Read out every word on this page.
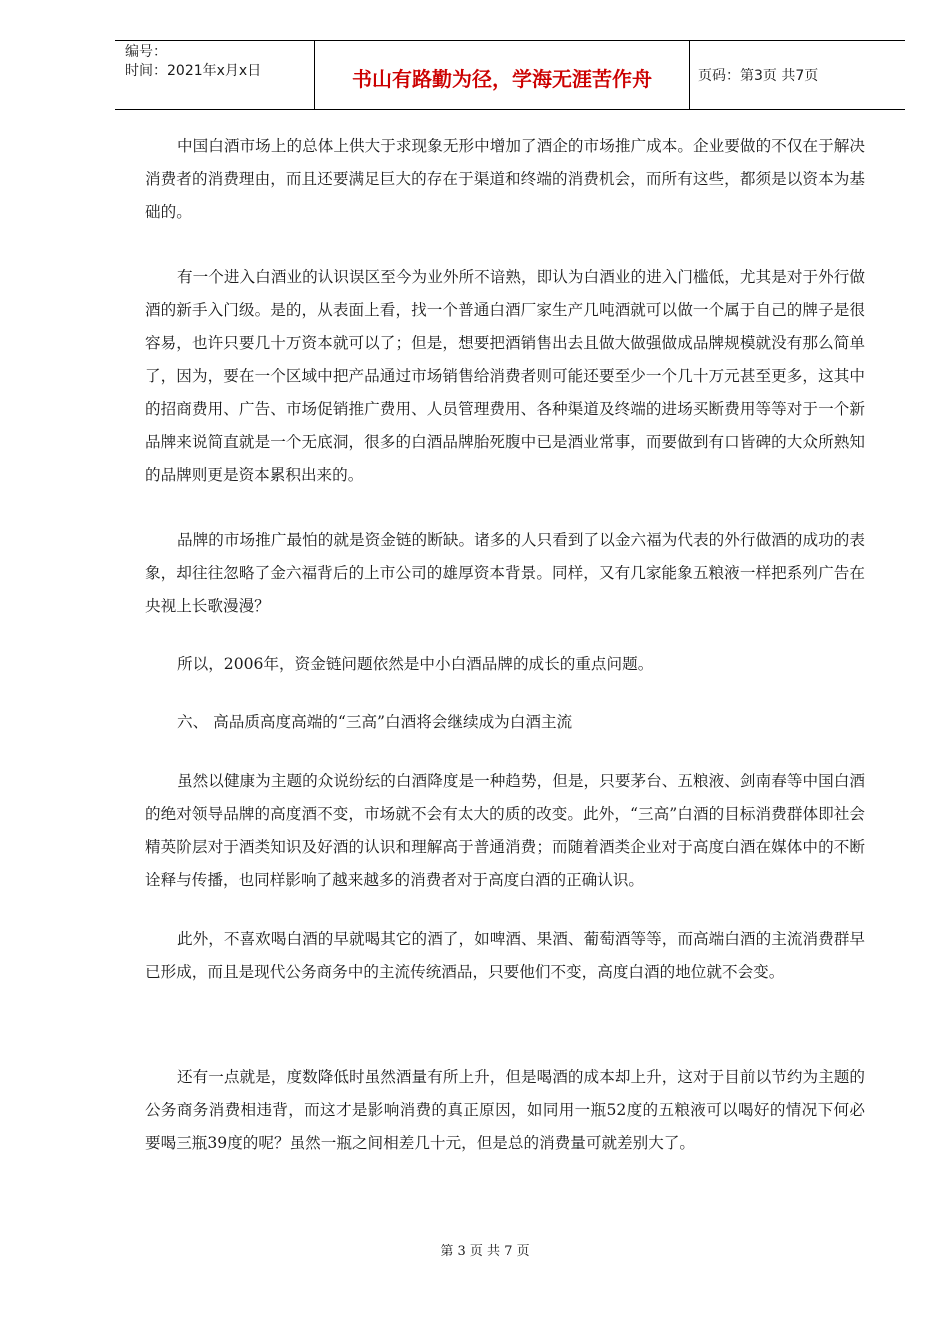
编号：
时间：2021年x月x日	书山有路勤为径，学海无涯苦作舟	页码：第3页 共7页

中国白酒市场上的总体上供大于求现象无形中增加了酒企的市场推广成本。企业要做的不仅在于解决消费者的消费理由，而且还要满足巨大的存在于渠道和终端的消费机会，而所有这些，都须是以资本为基础的。

有一个进入白酒业的认识误区至今为业外所不谙熟，即认为白酒业的进入门槛低，尤其是对于外行做酒的新手入门级。是的，从表面上看，找一个普通白酒厂家生产几吨酒就可以做一个属于自己的牌子是很容易，也许只要几十万资本就可以了；但是，想要把酒销售出去且做大做强做成品牌规模就没有那么简单了，因为，要在一个区域中把产品通过市场销售给消费者则可能还要至少一个几十万元甚至更多，这其中的招商费用、广告、市场促销推广费用、人员管理费用、各种渠道及终端的进场买断费用等等对于一个新品牌来说简直就是一个无底洞，很多的白酒品牌胎死腹中已是酒业常事，而要做到有口皆碑的大众所熟知的品牌则更是资本累积出来的。

品牌的市场推广最怕的就是资金链的断缺。诸多的人只看到了以金六福为代表的外行做酒的成功的表象，却往往忽略了金六福背后的上市公司的雄厚资本背景。同样，又有几家能象五粮液一样把系列广告在央视上长歌漫漫？

所以，2006年，资金链问题依然是中小白酒品牌的成长的重点问题。

六、 高品质高度高端的“三高”白酒将会继续成为白酒主流

虽然以健康为主题的众说纷纭的白酒降度是一种趋势，但是，只要茅台、五粮液、剑南春等中国白酒的绝对领导品牌的高度酒不变，市场就不会有太大的质的改变。此外，“三高”白酒的目标消费群体即社会精英阶层对于酒类知识及好酒的认识和理解高于普通消费；而随着酒类企业对于高度白酒在媒体中的不断诠释与传播，也同样影响了越来越多的消费者对于高度白酒的正确认识。

此外，不喜欢喝白酒的早就喝其它的酒了，如啤酒、果酒、葡萄酒等等，而高端白酒的主流消费群早已形成，而且是现代公务商务中的主流传统酒品，只要他们不变，高度白酒的地位就不会变。

还有一点就是，度数降低时虽然酒量有所上升，但是喝酒的成本却上升，这对于目前以节约为主题的公务商务消费相违背，而这才是影响消费的真正原因，如同用一瓶52度的五粮液可以喝好的情况下何必要喝三瓶39度的呢？虽然一瓶之间相差几十元，但是总的消费量可就差别大了。

第 3 页 共 7 页
